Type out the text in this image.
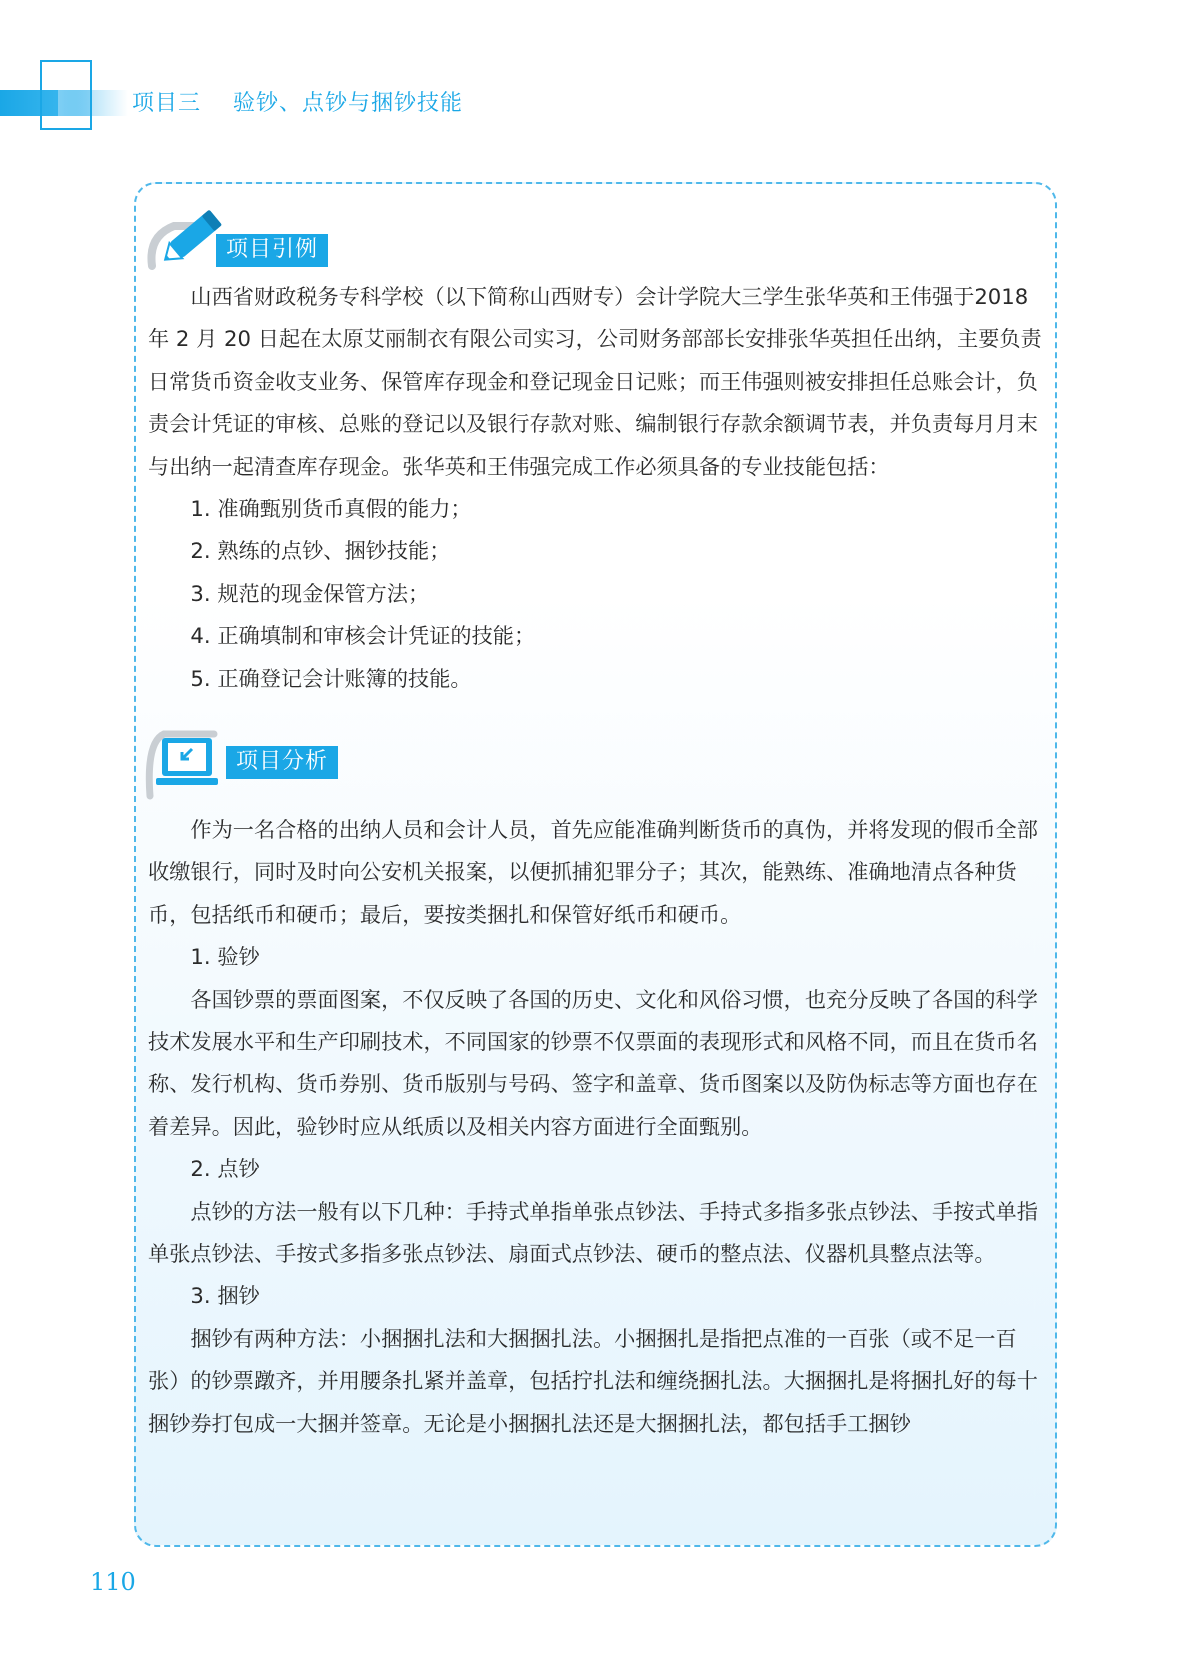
项目三    验钞、点钞与捆钞技能
项目引例

山西省财政税务专科学校（以下简称山西财专）会计学院大三学生张华英和王伟强于2018 年 2 月 20 日起在太原艾丽制衣有限公司实习，公司财务部部长安排张华英担任出纳，主要负责日常货币资金收支业务、保管库存现金和登记现金日记账；而王伟强则被安排担任总账会计，负责会计凭证的审核、总账的登记以及银行存款对账、编制银行存款余额调节表，并负责每月月末与出纳一起清查库存现金。张华英和王伟强完成工作必须具备的专业技能包括：

1. 准确甄别货币真假的能力；

2. 熟练的点钞、捆钞技能；

3. 规范的现金保管方法；

4. 正确填制和审核会计凭证的技能；

5. 正确登记会计账簿的技能。

项目分析

作为一名合格的出纳人员和会计人员，首先应能准确判断货币的真伪，并将发现的假币全部收缴银行，同时及时向公安机关报案，以便抓捕犯罪分子；其次，能熟练、准确地清点各种货币，包括纸币和硬币；最后，要按类捆扎和保管好纸币和硬币。

1. 验钞

各国钞票的票面图案，不仅反映了各国的历史、文化和风俗习惯，也充分反映了各国的科学技术发展水平和生产印刷技术，不同国家的钞票不仅票面的表现形式和风格不同，而且在货币名称、发行机构、货币券别、货币版别与号码、签字和盖章、货币图案以及防伪标志等方面也存在着差异。因此，验钞时应从纸质以及相关内容方面进行全面甄别。

2. 点钞

点钞的方法一般有以下几种：手持式单指单张点钞法、手持式多指多张点钞法、手按式单指单张点钞法、手按式多指多张点钞法、扇面式点钞法、硬币的整点法、仪器机具整点法等。

3. 捆钞

捆钞有两种方法：小捆捆扎法和大捆捆扎法。小捆捆扎是指把点准的一百张（或不足一百张）的钞票蹾齐，并用腰条扎紧并盖章，包括拧扎法和缠绕捆扎法。大捆捆扎是将捆扎好的每十捆钞券打包成一大捆并签章。无论是小捆捆扎法还是大捆捆扎法，都包括手工捆钞

110
